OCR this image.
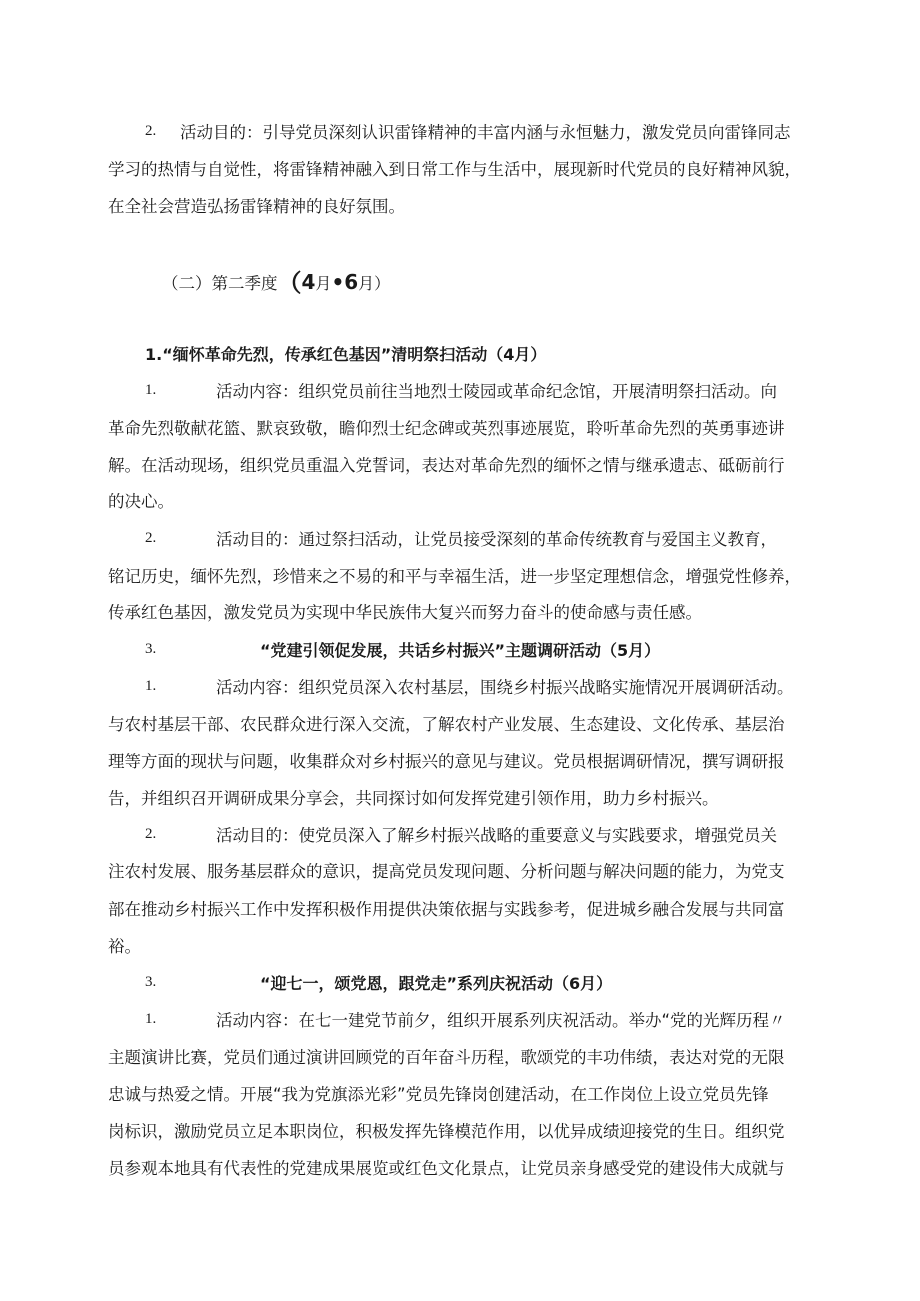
2. 活动目的：引导党员深刻认识雷锋精神的丰富内涵与永恒魅力，激发党员向雷锋同志
学习的热情与自觉性，将雷锋精神融入到日常工作与生活中，展现新时代党员的良好精神风貌，
在全社会营造弘扬雷锋精神的良好氛围。
（二）第二季度（4月•6月）
1.“缅怀革命先烈，传承红色基因”清明祭扫活动（4月）
1.	活动内容：组织党员前往当地烈士陵园或革命纪念馆，开展清明祭扫活动。向
革命先烈敬献花篮、默哀致敬，瞻仰烈士纪念碑或英烈事迹展览，聆听革命先烈的英勇事迹讲
解。在活动现场，组织党员重温入党誓词，表达对革命先烈的缅怀之情与继承遗志、砥砺前行
的决心。
2.	活动目的：通过祭扫活动，让党员接受深刻的革命传统教育与爱国主义教育，
铭记历史，缅怀先烈，珍惜来之不易的和平与幸福生活，进一步坚定理想信念，增强党性修养，
传承红色基因，激发党员为实现中华民族伟大复兴而努力奋斗的使命感与责任感。
3.	“党建引领促发展，共话乡村振兴”主题调研活动（5月）
1.	活动内容：组织党员深入农村基层，围绕乡村振兴战略实施情况开展调研活动。
与农村基层干部、农民群众进行深入交流，了解农村产业发展、生态建设、文化传承、基层治
理等方面的现状与问题，收集群众对乡村振兴的意见与建议。党员根据调研情况，撰写调研报
告，并组织召开调研成果分享会，共同探讨如何发挥党建引领作用，助力乡村振兴。
2.	活动目的：使党员深入了解乡村振兴战略的重要意义与实践要求，增强党员关
注农村发展、服务基层群众的意识，提高党员发现问题、分析问题与解决问题的能力，为党支
部在推动乡村振兴工作中发挥积极作用提供决策依据与实践参考，促进城乡融合发展与共同富
裕。
3.	“迎七一，颂党恩，跟党走”系列庆祝活动（6月）
1.	活动内容：在七一建党节前夕，组织开展系列庆祝活动。举办“党的光辉历程〃
主题演讲比赛，党员们通过演讲回顾党的百年奋斗历程，歌颂党的丰功伟绩，表达对党的无限
忠诚与热爱之情。开展“我为党旗添光彩”党员先锋岗创建活动，在工作岗位上设立党员先锋
岗标识，激励党员立足本职岗位，积极发挥先锋模范作用，以优异成绩迎接党的生日。组织党
员参观本地具有代表性的党建成果展览或红色文化景点，让党员亲身感受党的建设伟大成就与
